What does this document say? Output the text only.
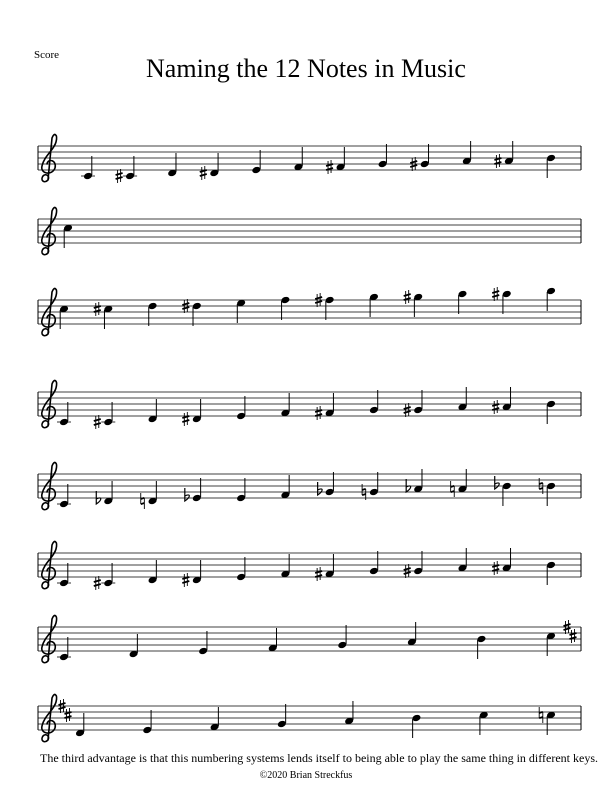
Score	Naming the 12 Notes in Music
The third advantage is that this numbering systems lends itself to being able to play the same thing in different keys.
©2020 Brian Streckfus
